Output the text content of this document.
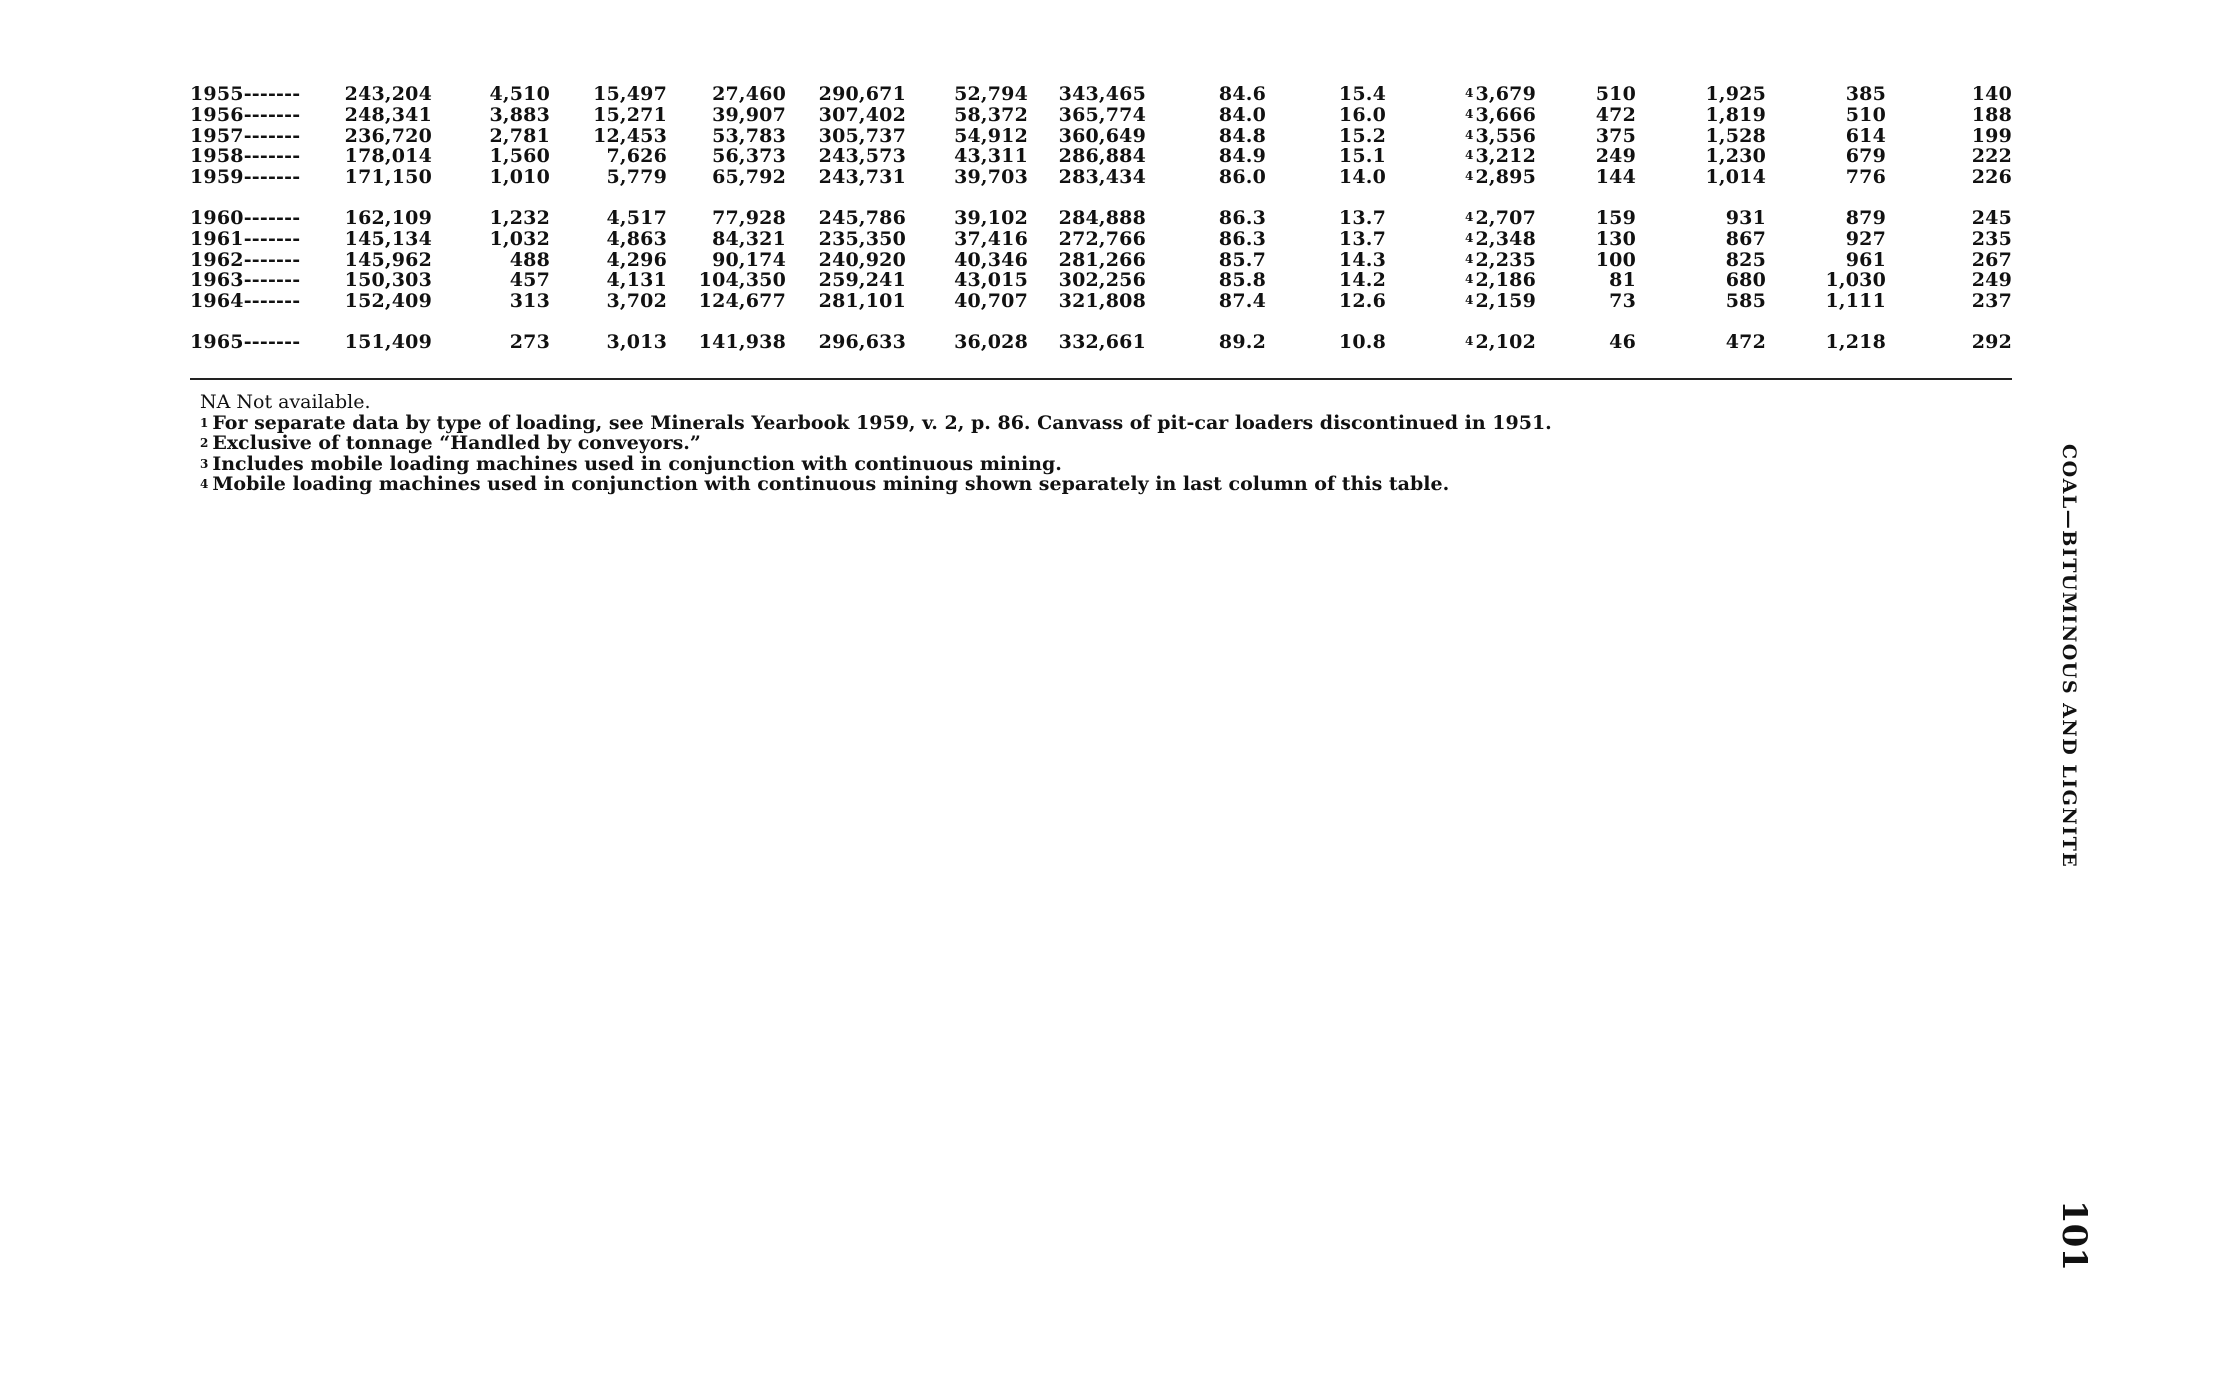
1955-------	243,204	4,510	15,497	27,460	290,671	52,794	343,465	84.6	15.4	$^4$ 3,679	510	1,925	385	140
1956-------	248,341	3,883	15,271	39,907	307,402	58,372	365,774	84.0	16.0	$^4$ 3,666	472	1,819	510	188
1957-------	236,720	2,781	12,453	53,783	305,737	54,912	360,649	84.8	15.2	$^4$ 3,556	375	1,528	614	199
1958-------	178,014	1,560	7,626	56,373	243,573	43,311	286,884	84.9	15.1	$^4$ 3,212	249	1,230	679	222
1959-------	171,150	1,010	5,779	65,792	243,731	39,703	283,434	86.0	14.0	$^4$ 2,895	144	1,014	776	226

1960-------	162,109	1,232	4,517	77,928	245,786	39,102	284,888	86.3	13.7	$^4$ 2,707	159	931	879	245
1961-------	145,134	1,032	4,863	84,321	235,350	37,416	272,766	86.3	13.7	$^4$ 2,348	130	867	927	235
1962-------	145,962	488	4,296	90,174	240,920	40,346	281,266	85.7	14.3	$^4$ 2,235	100	825	961	267
1963-------	150,303	457	4,131	104,350	259,241	43,015	302,256	85.8	14.2	$^4$ 2,186	81	680	1,030	249
1964-------	152,409	313	3,702	124,677	281,101	40,707	321,808	87.4	12.6	$^4$ 2,159	73	585	1,111	237

1965-------	151,409	273	3,013	141,938	296,633	36,028	332,661	89.2	10.8	$^4$ 2,102	46	472	1,218	292
NA Not available.
$^1$ For separate data by type of loading, see Minerals Yearbook 1959, v. 2, p. 86. Canvass of pit-car loaders discontinued in 1951.
$^2$ Exclusive of tonnage “Handled by conveyors.”
$^3$ Includes mobile loading machines used in conjunction with continuous mining.
$^4$ Mobile loading machines used in conjunction with continuous mining shown separately in last column of this table.	COAL—BITUMINOUS AND LIGNITE
101
